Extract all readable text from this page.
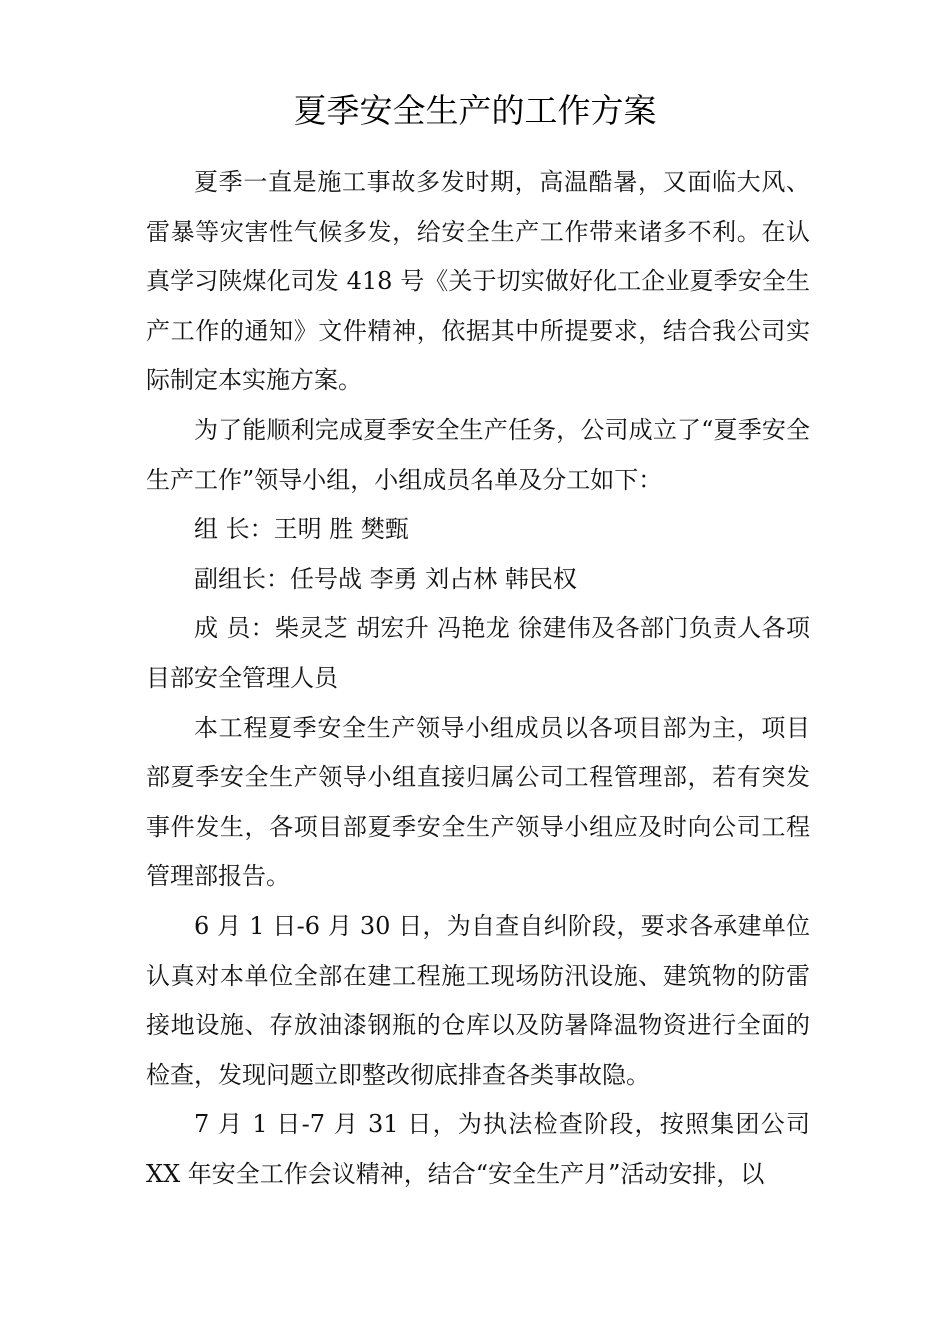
夏季安全生产的工作方案

夏季一直是施工事故多发时期，高温酷暑，又面临大风、雷暴等灾害性气候多发，给安全生产工作带来诸多不利。在认真学习陕煤化司发 418 号《关于切实做好化工企业夏季安全生产工作的通知》文件精神，依据其中所提要求，结合我公司实际制定本实施方案。

为了能顺利完成夏季安全生产任务，公司成立了“夏季安全生产工作”领导小组，小组成员名单及分工如下：

组 长：王明 胜 樊甄

副组长：任号战 李勇 刘占林 韩民权

成 员：柴灵芝 胡宏升 冯艳龙 徐建伟及各部门负责人各项目部安全管理人员

本工程夏季安全生产领导小组成员以各项目部为主，项目部夏季安全生产领导小组直接归属公司工程管理部，若有突发事件发生，各项目部夏季安全生产领导小组应及时向公司工程管理部报告。

6 月 1 日-6 月 30 日，为自查自纠阶段，要求各承建单位认真对本单位全部在建工程施工现场防汛设施、建筑物的防雷接地设施、存放油漆钢瓶的仓库以及防暑降温物资进行全面的检查，发现问题立即整改彻底排查各类事故隐。

7 月 1 日-7 月 31 日，为执法检查阶段，按照集团公司 XX 年安全工作会议精神，结合“安全生产月”活动安排，以
